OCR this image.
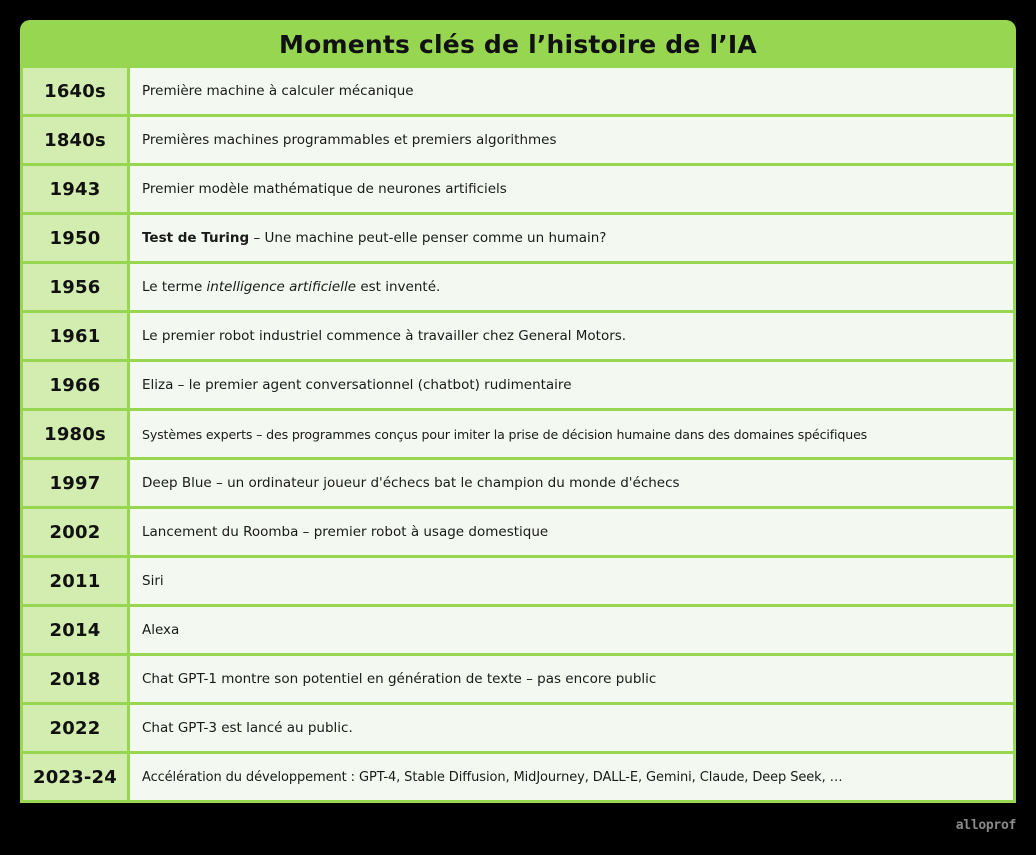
Moments clés de l’histoire de l’IA
1640s	Première machine à calculer mécanique
1840s	Premières machines programmables et premiers algorithmes
1943	Premier modèle mathématique de neurones artificiels
1950	Test de Turing – Une machine peut-elle penser comme un humain?
1956	Le terme intelligence artificielle est inventé.
1961	Le premier robot industriel commence à travailler chez General Motors.
1966	Eliza – le premier agent conversationnel (chatbot) rudimentaire
1980s	Systèmes experts – des programmes conçus pour imiter la prise de décision humaine dans des domaines spécifiques
1997	Deep Blue – un ordinateur joueur d'échecs bat le champion du monde d'échecs
2002	Lancement du Roomba – premier robot à usage domestique
2011	Siri
2014	Alexa
2018	Chat GPT-1 montre son potentiel en génération de texte – pas encore public
2022	Chat GPT-3 est lancé au public.
2023-24	Accélération du développement : GPT-4, Stable Diffusion, MidJourney, DALL-E, Gemini, Claude, Deep Seek, …
alloprof
